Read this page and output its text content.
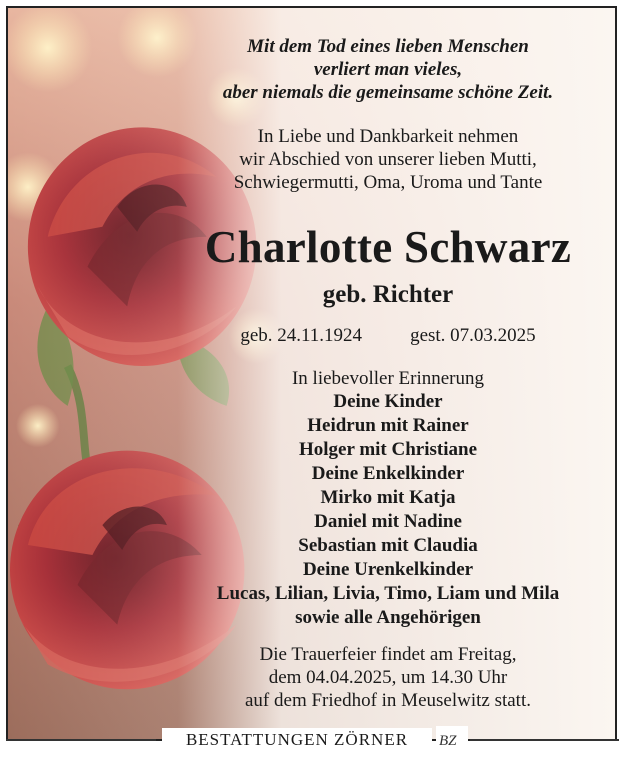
Mit dem Tod eines lieben Menschen
verliert man vieles,
aber niemals die gemeinsame schöne Zeit.
In Liebe und Dankbarkeit nehmen
wir Abschied von unserer lieben Mutti,
Schwiegermutti, Oma, Uroma und Tante
Charlotte Schwarz
geb. Richter
geb. 24.11.1924	gest. 07.03.2025
In liebevoller Erinnerung
Deine Kinder
Heidrun mit Rainer
Holger mit Christiane
Deine Enkelkinder
Mirko mit Katja
Daniel mit Nadine
Sebastian mit Claudia
Deine Urenkelkinder
Lucas, Lilian, Livia, Timo, Liam und Mila
sowie alle Angehörigen
Die Trauerfeier findet am Freitag,
dem 04.04.2025, um 14.30 Uhr
auf dem Friedhof in Meuselwitz statt.
BESTATTUNGEN ZÖRNER	BZ
